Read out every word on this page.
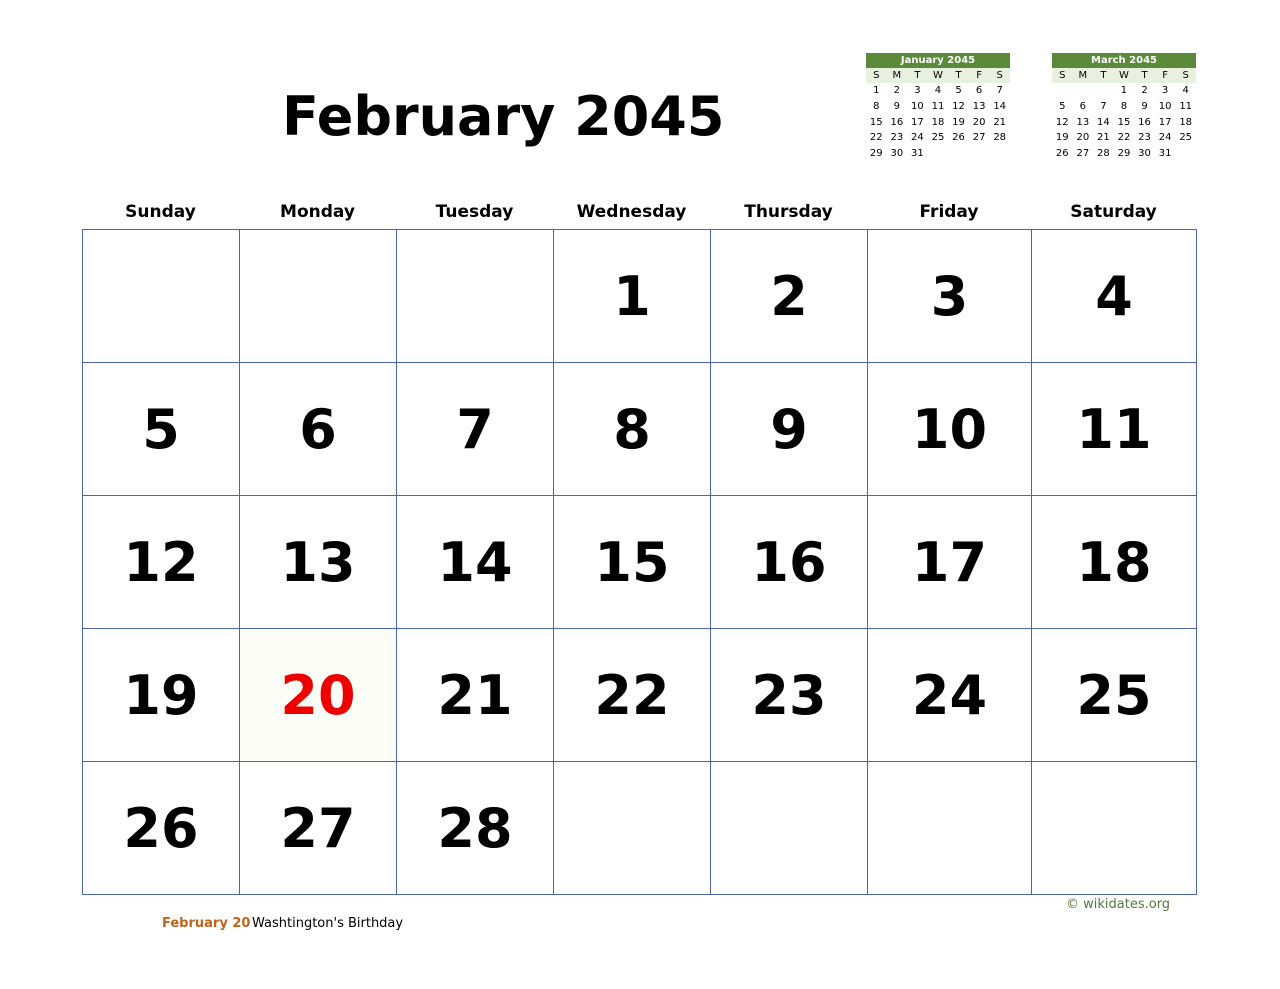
February 2045
January 2045
S	M	T	W	T	F	S
1	2	3	4	5	6	7
8	9	10	11	12	13	14
15	16	17	18	19	20	21
22	23	24	25	26	27	28
29	30	31				
March 2045
S	M	T	W	T	F	S
			1	2	3	4
5	6	7	8	9	10	11
12	13	14	15	16	17	18
19	20	21	22	23	24	25
26	27	28	29	30	31	
Sunday	Monday	Tuesday	Wednesday	Thursday	Friday	Saturday
			1	2	3	4
5	6	7	8	9	10	11
12	13	14	15	16	17	18
19	20	21	22	23	24	25
26	27	28				
© wikidates.org
February 20 Washtington's Birthday
